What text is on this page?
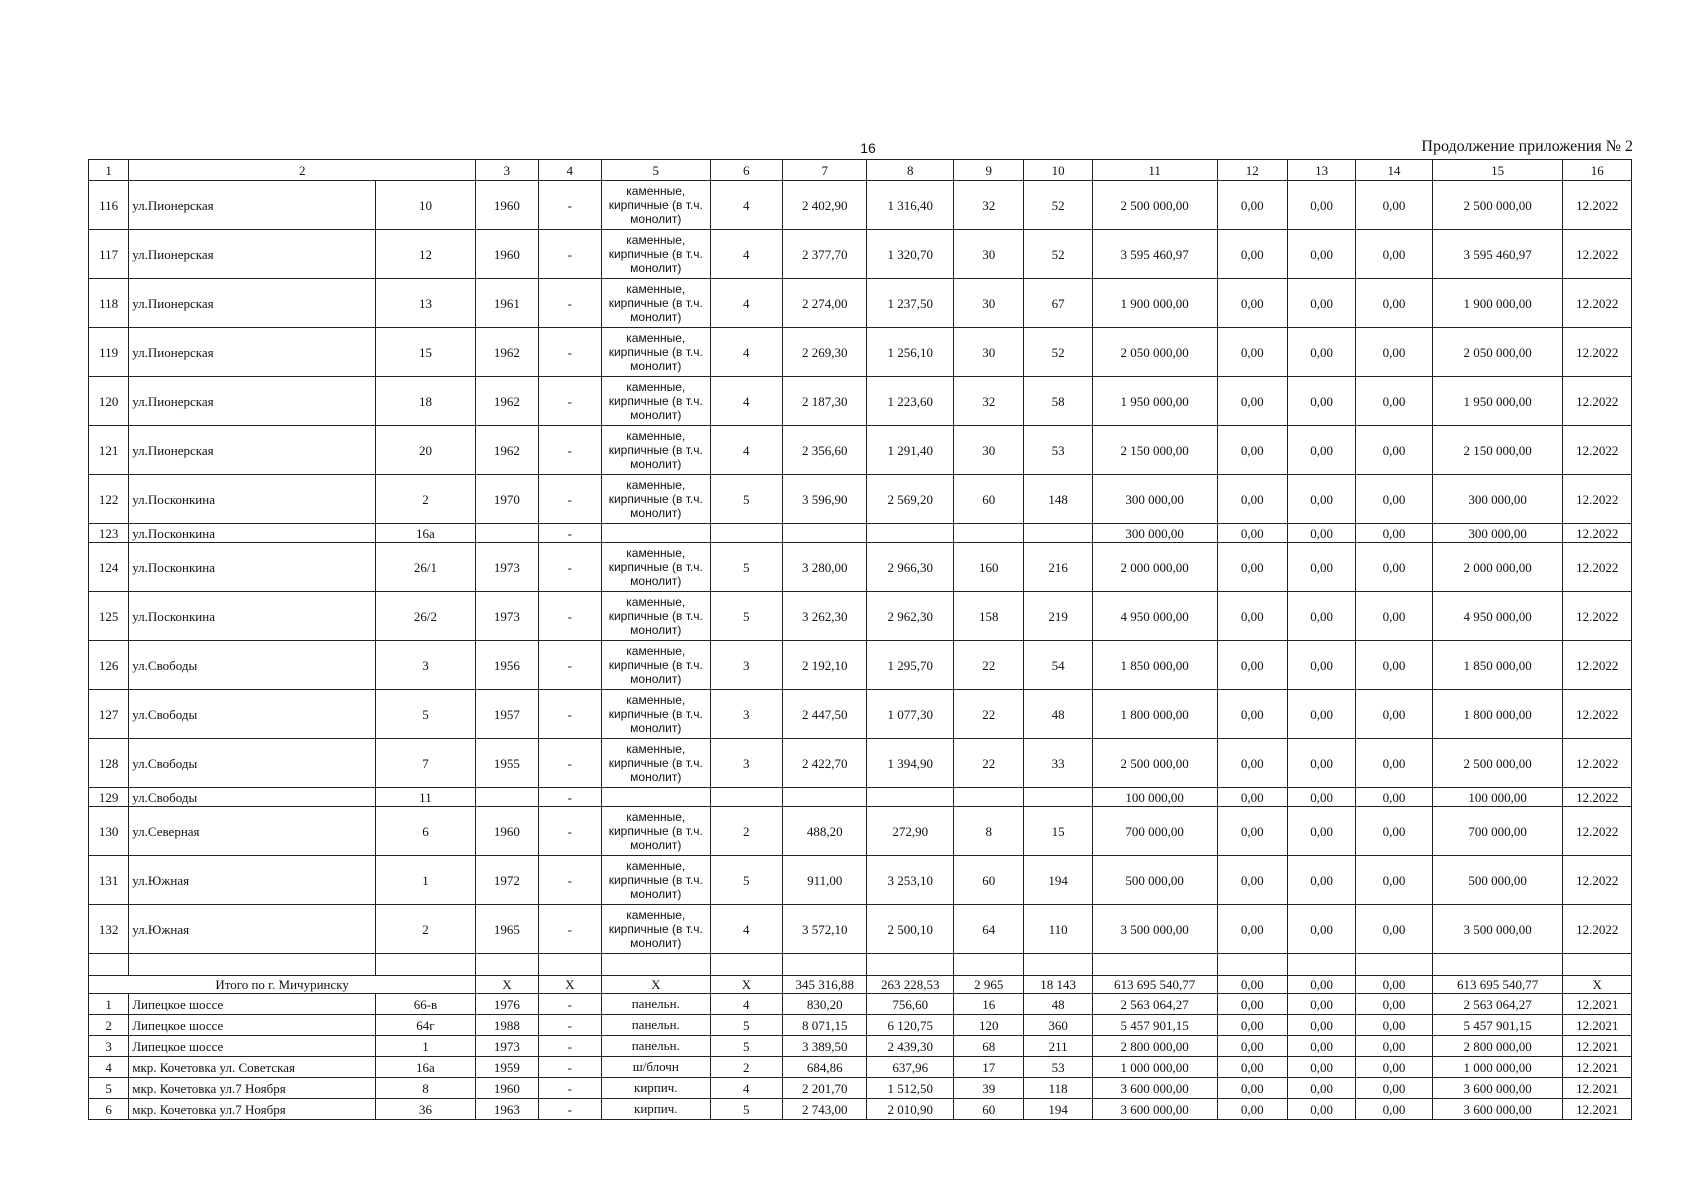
16	Продолжение приложения № 2
1	2		3	4	5	6	7	8	9	10	11	12	13	14	15	16
116	ул.Пионерская	10	1960	-	каменные, кирпичные (в т.ч. монолит)	4	2 402,90	1 316,40	32	52	2 500 000,00	0,00	0,00	0,00	2 500 000,00	12.2022
117	ул.Пионерская	12	1960	-	каменные, кирпичные (в т.ч. монолит)	4	2 377,70	1 320,70	30	52	3 595 460,97	0,00	0,00	0,00	3 595 460,97	12.2022
118	ул.Пионерская	13	1961	-	каменные, кирпичные (в т.ч. монолит)	4	2 274,00	1 237,50	30	67	1 900 000,00	0,00	0,00	0,00	1 900 000,00	12.2022
119	ул.Пионерская	15	1962	-	каменные, кирпичные (в т.ч. монолит)	4	2 269,30	1 256,10	30	52	2 050 000,00	0,00	0,00	0,00	2 050 000,00	12.2022
120	ул.Пионерская	18	1962	-	каменные, кирпичные (в т.ч. монолит)	4	2 187,30	1 223,60	32	58	1 950 000,00	0,00	0,00	0,00	1 950 000,00	12.2022
121	ул.Пионерская	20	1962	-	каменные, кирпичные (в т.ч. монолит)	4	2 356,60	1 291,40	30	53	2 150 000,00	0,00	0,00	0,00	2 150 000,00	12.2022
122	ул.Посконкина	2	1970	-	каменные, кирпичные (в т.ч. монолит)	5	3 596,90	2 569,20	60	148	300 000,00	0,00	0,00	0,00	300 000,00	12.2022
123	ул.Посконкина	16а		-							300 000,00	0,00	0,00	0,00	300 000,00	12.2022
124	ул.Посконкина	26/1	1973	-	каменные, кирпичные (в т.ч. монолит)	5	3 280,00	2 966,30	160	216	2 000 000,00	0,00	0,00	0,00	2 000 000,00	12.2022
125	ул.Посконкина	26/2	1973	-	каменные, кирпичные (в т.ч. монолит)	5	3 262,30	2 962,30	158	219	4 950 000,00	0,00	0,00	0,00	4 950 000,00	12.2022
126	ул.Свободы	3	1956	-	каменные, кирпичные (в т.ч. монолит)	3	2 192,10	1 295,70	22	54	1 850 000,00	0,00	0,00	0,00	1 850 000,00	12.2022
127	ул.Свободы	5	1957	-	каменные, кирпичные (в т.ч. монолит)	3	2 447,50	1 077,30	22	48	1 800 000,00	0,00	0,00	0,00	1 800 000,00	12.2022
128	ул.Свободы	7	1955	-	каменные, кирпичные (в т.ч. монолит)	3	2 422,70	1 394,90	22	33	2 500 000,00	0,00	0,00	0,00	2 500 000,00	12.2022
129	ул.Свободы	11		-							100 000,00	0,00	0,00	0,00	100 000,00	12.2022
130	ул.Северная	6	1960	-	каменные, кирпичные (в т.ч. монолит)	2	488,20	272,90	8	15	700 000,00	0,00	0,00	0,00	700 000,00	12.2022
131	ул.Южная	1	1972	-	каменные, кирпичные (в т.ч. монолит)	5	911,00	3 253,10	60	194	500 000,00	0,00	0,00	0,00	500 000,00	12.2022
132	ул.Южная	2	1965	-	каменные, кирпичные (в т.ч. монолит)	4	3 572,10	2 500,10	64	110	3 500 000,00	0,00	0,00	0,00	3 500 000,00	12.2022

Итого по г. Мичуринску			X	X	X	X	345 316,88	263 228,53	2 965	18 143	613 695 540,77	0,00	0,00	0,00	613 695 540,77	X
1	Липецкое шоссе	66-в	1976	-	панельн.	4	830,20	756,60	16	48	2 563 064,27	0,00	0,00	0,00	2 563 064,27	12.2021
2	Липецкое шоссе	64г	1988	-	панельн.	5	8 071,15	6 120,75	120	360	5 457 901,15	0,00	0,00	0,00	5 457 901,15	12.2021
3	Липецкое шоссе	1	1973	-	панельн.	5	3 389,50	2 439,30	68	211	2 800 000,00	0,00	0,00	0,00	2 800 000,00	12.2021
4	мкр. Кочетовка ул. Советская	16а	1959	-	ш/блочн	2	684,86	637,96	17	53	1 000 000,00	0,00	0,00	0,00	1 000 000,00	12.2021
5	мкр. Кочетовка ул.7 Ноября	8	1960	-	кирпич.	4	2 201,70	1 512,50	39	118	3 600 000,00	0,00	0,00	0,00	3 600 000,00	12.2021
6	мкр. Кочетовка ул.7 Ноября	36	1963	-	кирпич.	5	2 743,00	2 010,90	60	194	3 600 000,00	0,00	0,00	0,00	3 600 000,00	12.2021
